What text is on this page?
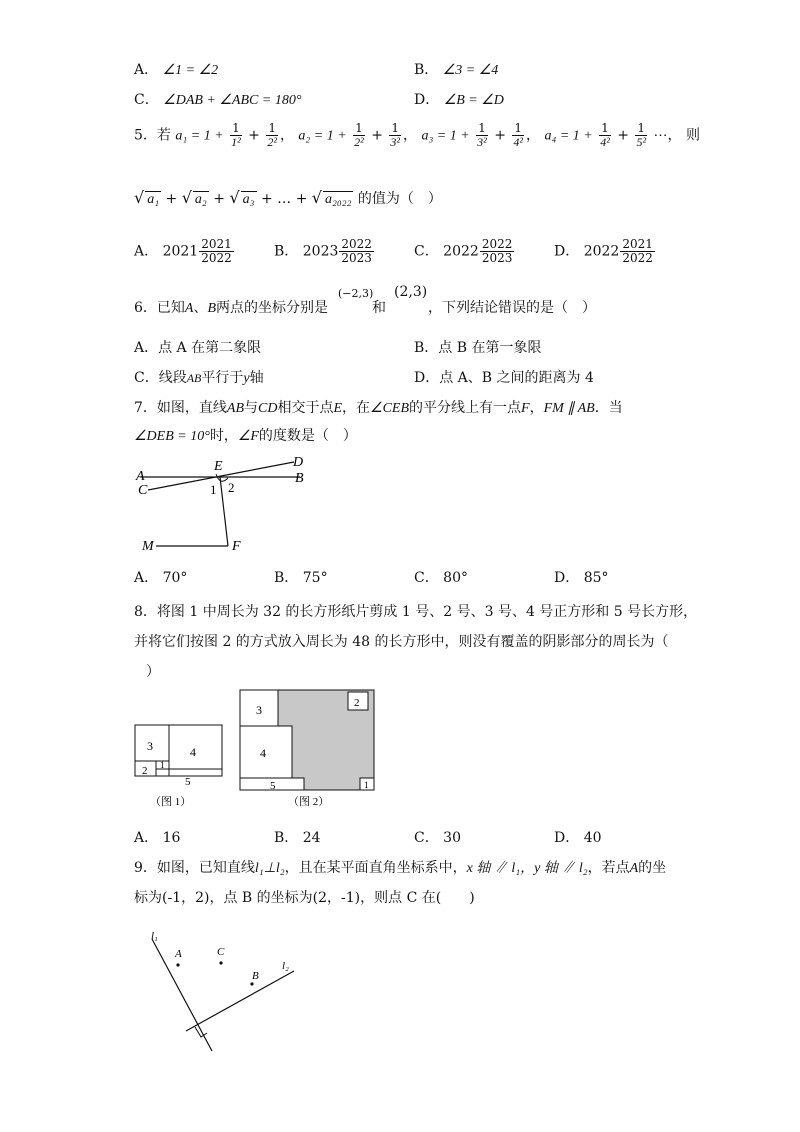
A． ∠1 = ∠2	B． ∠3 = ∠4
C． ∠DAB + ∠ABC = 180°	D． ∠B = ∠D
5．若 $a_1 = 1 + \frac{1}{\text{1²}} + \frac{1}{\text{2²}}$ ， $a_2 = 1 + \frac{1}{\text{2²}} + \frac{1}{\text{3²}}$ ， $a_3 = 1 + \frac{1}{\text{3²}} + \frac{1}{\text{4²}}$ ， $a_4 = 1 + \frac{1}{\text{4²}} + \frac{1}{\text{5²}}$ ⋯， 则
√ a₁ + √ a₂ + √ a₃ + … + √ a₂₀₂₂ 的值为（　）
A． $2021 \frac{2021}{2022}$	B． $2023 \frac{2022}{2023}$	C． $2022 \frac{2022}{2023}$	D． $2022 \frac{2021}{2022}$
6．已知A、B两点的坐标分别是
(−2,3)
和
(2,3)
，下列结论错误的是（　）
A．点 A 在第二象限	B．点 B 在第一象限
C．线段AB平行于y轴	D．点 A、B 之间的距离为 4
7．如图，直线AB与CD相交于点E，在∠CEB的平分线上有一点F，FM ∥ AB．当
∠DEB = 10°时，∠F的度数是（　）
A
C
E	D
B
1 2
M	F
A． 70°	B． 75°	C． 80°	D． 85°
8．将图 1 中周长为 32 的长方形纸片剪成 1 号、2 号、3 号、4 号正方形和 5 号长方形，
并将它们按图 2 的方式放入周长为 48 的长方形中，则没有覆盖的阴影部分的周长为（
）
3	4
2 1
5
（图 1）
3	2
4
5	1
（图 2）
A． 16	B． 24	C． 30	D． 40
9．如图，已知直线l₁⊥l₂，且在某平面直角坐标系中，x 轴 ∥ l₁，y 轴 ∥ l₂，若点A的坐
标为(-1，2)，点 B 的坐标为(2，-1)，则点 C 在(　　)
l₁
l₂
A	C
B
